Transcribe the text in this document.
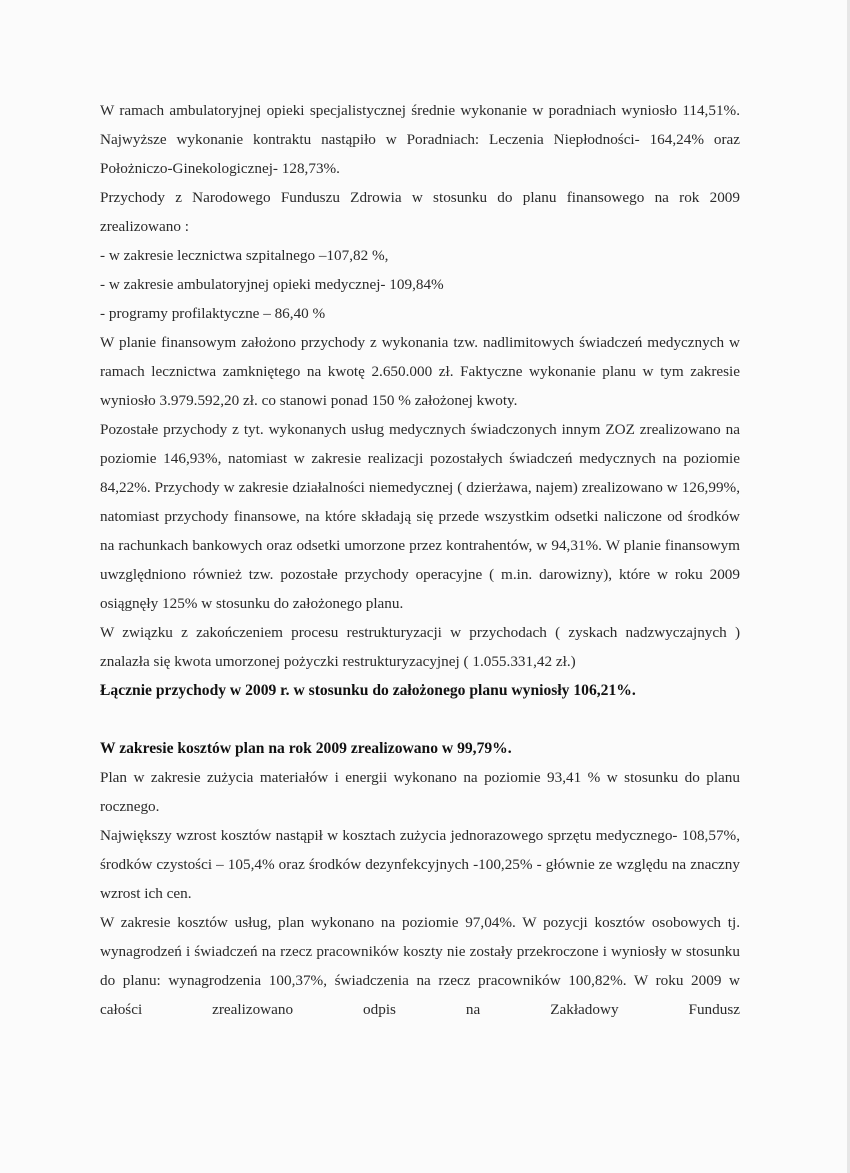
W ramach ambulatoryjnej opieki specjalistycznej średnie wykonanie w poradniach wyniosło 114,51%. Najwyższe wykonanie kontraktu nastąpiło w Poradniach: Leczenia Niepłodności- 164,24% oraz Położniczo-Ginekologicznej- 128,73%.

Przychody z Narodowego Funduszu Zdrowia w stosunku do planu finansowego na rok 2009 zrealizowano :

- w zakresie lecznictwa szpitalnego –107,82 %,

- w zakresie ambulatoryjnej opieki medycznej- 109,84%

- programy profilaktyczne – 86,40 %

W planie finansowym założono przychody z wykonania tzw. nadlimitowych świadczeń medycznych w ramach lecznictwa zamkniętego na kwotę 2.650.000 zł. Faktyczne wykonanie planu w tym zakresie wyniosło 3.979.592,20 zł. co stanowi ponad 150 % założonej kwoty.

Pozostałe przychody z tyt. wykonanych usług medycznych świadczonych innym ZOZ zrealizowano na poziomie 146,93%, natomiast w zakresie realizacji pozostałych świadczeń medycznych na poziomie 84,22%. Przychody w zakresie działalności niemedycznej ( dzierżawa, najem) zrealizowano w 126,99%, natomiast przychody finansowe, na które składają się przede wszystkim odsetki naliczone od środków na rachunkach bankowych oraz odsetki umorzone przez kontrahentów, w 94,31%. W planie finansowym uwzględniono również tzw. pozostałe przychody operacyjne ( m.in. darowizny), które w roku 2009 osiągnęły 125% w stosunku do założonego planu.

W związku z zakończeniem procesu restrukturyzacji w przychodach ( zyskach nadzwyczajnych ) znalazła się kwota umorzonej pożyczki restrukturyzacyjnej ( 1.055.331,42 zł.)

Łącznie przychody w 2009 r. w stosunku do założonego planu wyniosły 106,21%.

W zakresie kosztów plan na rok 2009 zrealizowano w 99,79%.

Plan w zakresie zużycia materiałów i energii wykonano na poziomie 93,41 % w stosunku do planu rocznego.

Największy wzrost kosztów nastąpił w kosztach zużycia jednorazowego sprzętu medycznego- 108,57%, środków czystości – 105,4% oraz środków dezynfekcyjnych -100,25% - głównie ze względu na znaczny wzrost ich cen.

W zakresie kosztów usług, plan wykonano na poziomie 97,04%. W pozycji kosztów osobowych tj. wynagrodzeń i świadczeń na rzecz pracowników koszty nie zostały przekroczone i wyniosły w stosunku do planu: wynagrodzenia 100,37%, świadczenia na rzecz pracowników 100,82%. W roku 2009 w całości zrealizowano odpis na Zakładowy Fundusz
